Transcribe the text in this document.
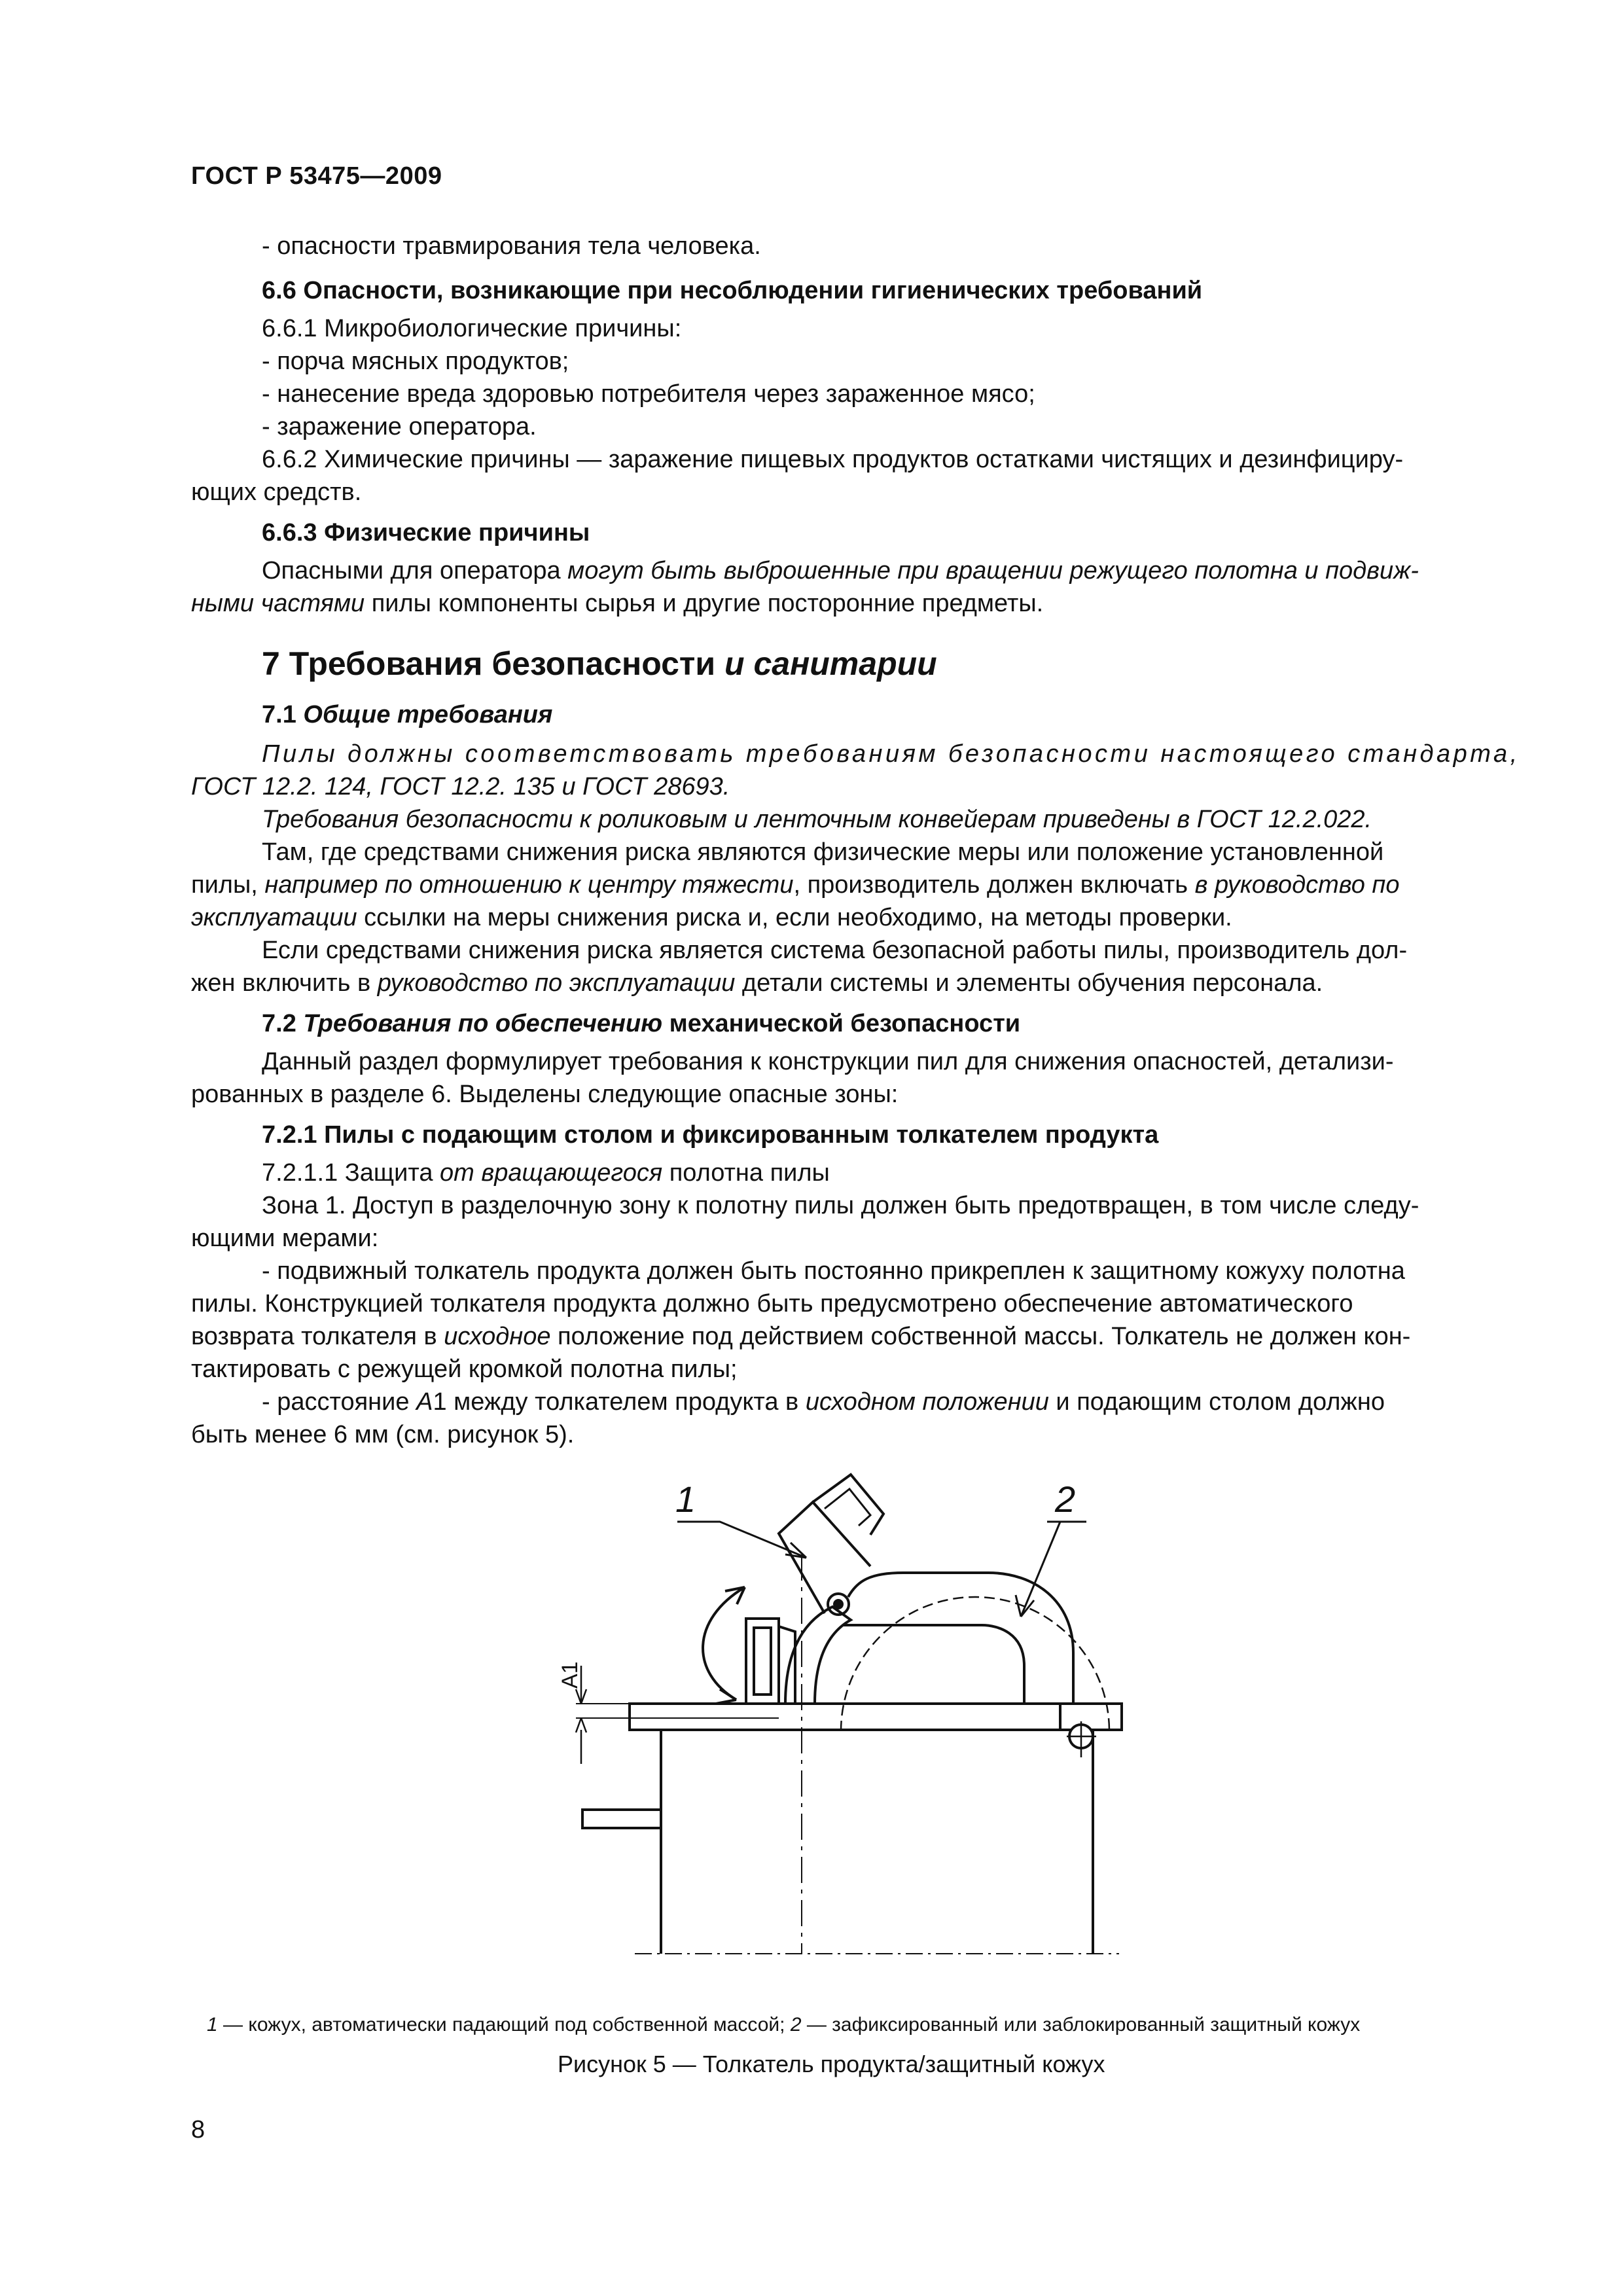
ГОСТ Р 53475—2009
- опасности травмирования тела человека.
6.6 Опасности, возникающие при несоблюдении гигиенических требований
6.6.1 Микробиологические причины:
- порча мясных продуктов;
- нанесение вреда здоровью потребителя через зараженное мясо;
- заражение оператора.
6.6.2 Химические причины — заражение пищевых продуктов остатками чистящих и дезинфициру-
ющих средств.
6.6.3 Физические причины
Опасными для оператора могут быть выброшенные при вращении режущего полотна и подвиж-
ными частями пилы компоненты сырья и другие посторонние предметы.
7 Требования безопасности и санитарии
7.1 Общие требования
Пилы должны соответствовать требованиям безопасности настоящего стандарта,
ГОСТ 12.2. 124, ГОСТ 12.2. 135 и ГОСТ 28693.
Требования безопасности к роликовым и ленточным конвейерам приведены в ГОСТ 12.2.022.
Там, где средствами снижения риска являются физические меры или положение установленной
пилы, например по отношению к центру тяжести, производитель должен включать в руководство по
эксплуатации ссылки на меры снижения риска и, если необходимо, на методы проверки.
Если средствами снижения риска является система безопасной работы пилы, производитель дол-
жен включить в руководство по эксплуатации детали системы и элементы обучения персонала.
7.2 Требования по обеспечению механической безопасности
Данный раздел формулирует требования к конструкции пил для снижения опасностей, детализи-
рованных в разделе 6. Выделены следующие опасные зоны:
7.2.1 Пилы с подающим столом и фиксированным толкателем продукта
7.2.1.1 Защита от вращающегося полотна пилы
Зона 1. Доступ в разделочную зону к полотну пилы должен быть предотвращен, в том числе следу-
ющими мерами:
- подвижный толкатель продукта должен быть постоянно прикреплен к защитному кожуху полотна
пилы. Конструкцией толкателя продукта должно быть предусмотрено обеспечение автоматического
возврата толкателя в исходное положение под действием собственной массы. Толкатель не должен кон-
тактировать с режущей кромкой полотна пилы;
- расстояние А1 между толкателем продукта в исходном положении и подающим столом должно
быть менее 6 мм (см. рисунок 5).
А1
1	2
1 — кожух, автоматически падающий под собственной массой; 2 — зафиксированный или заблокированный защитный кожух
Рисунок 5 — Толкатель продукта/защитный кожух
8
